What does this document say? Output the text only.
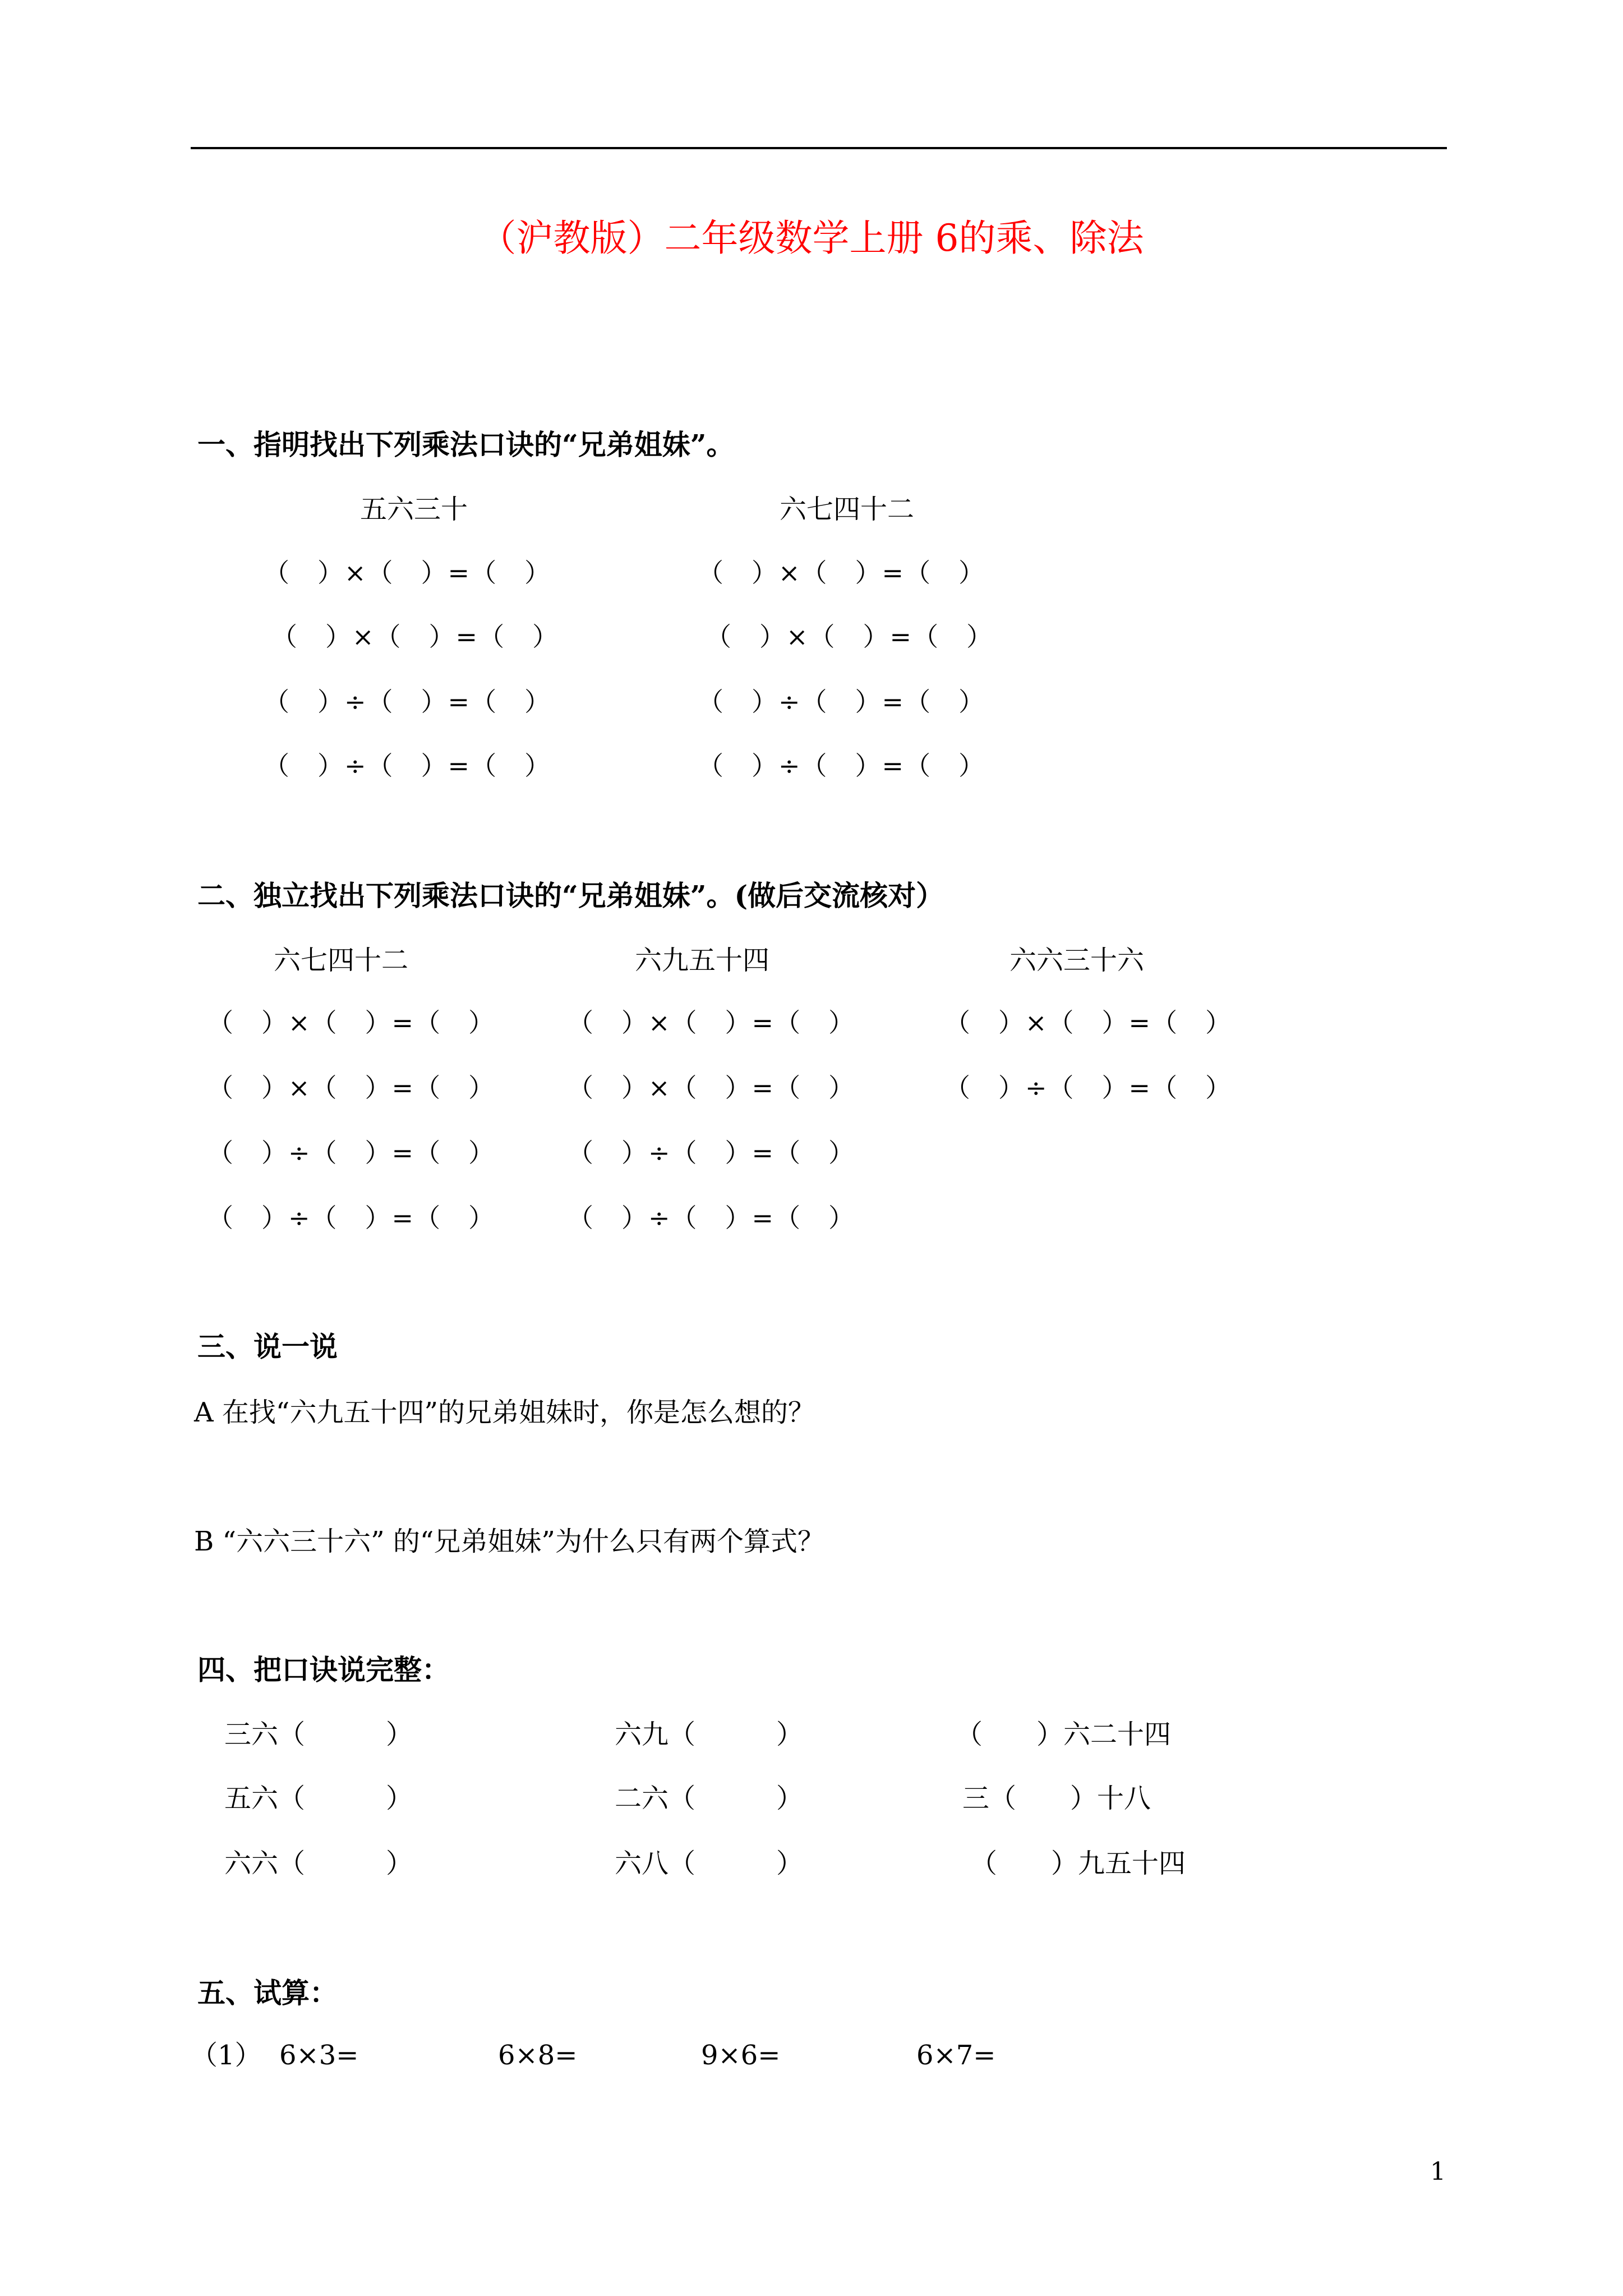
（沪教版）二年级数学上册 6的乘、除法
一、指明找出下列乘法口诀的“兄弟姐妹”。
五六三十
（　）×（　）=（　）
（　）×（　）=（　）
（　）÷（　）=（　）
（　）÷（　）=（　）
六七四十二
（　）×（　）=（　）
（　）×（　）=（　）
（　）÷（　）=（　）
（　）÷（　）=（　）
二、独立找出下列乘法口诀的“兄弟姐妹”。(做后交流核对）
六七四十二
（　）×（　）=（　）
（　）×（　）=（　）
（　）÷（　）=（　）
（　）÷（　）=（　）
六九五十四
（　）×（　）=（　）
（　）×（　）=（　）
（　）÷（　）=（　）
（　）÷（　）=（　）
六六三十六
（　）×（　）=（　）
（　）÷（　）=（　）
三、说一说
A 在找“六九五十四”的兄弟姐妹时，你是怎么想的？
B “六六三十六” 的“兄弟姐妹”为什么只有两个算式？
四、把口诀说完整：
三六（　　　）	六九（　　　）	（　　）六二十四
五六（　　　）	二六（　　　）	三（　　）十八
六六（　　　）	六八（　　　）	（　　）九五十四
五、试算：
（1） 6×3=	6×8=	9×6=	6×7=
1
